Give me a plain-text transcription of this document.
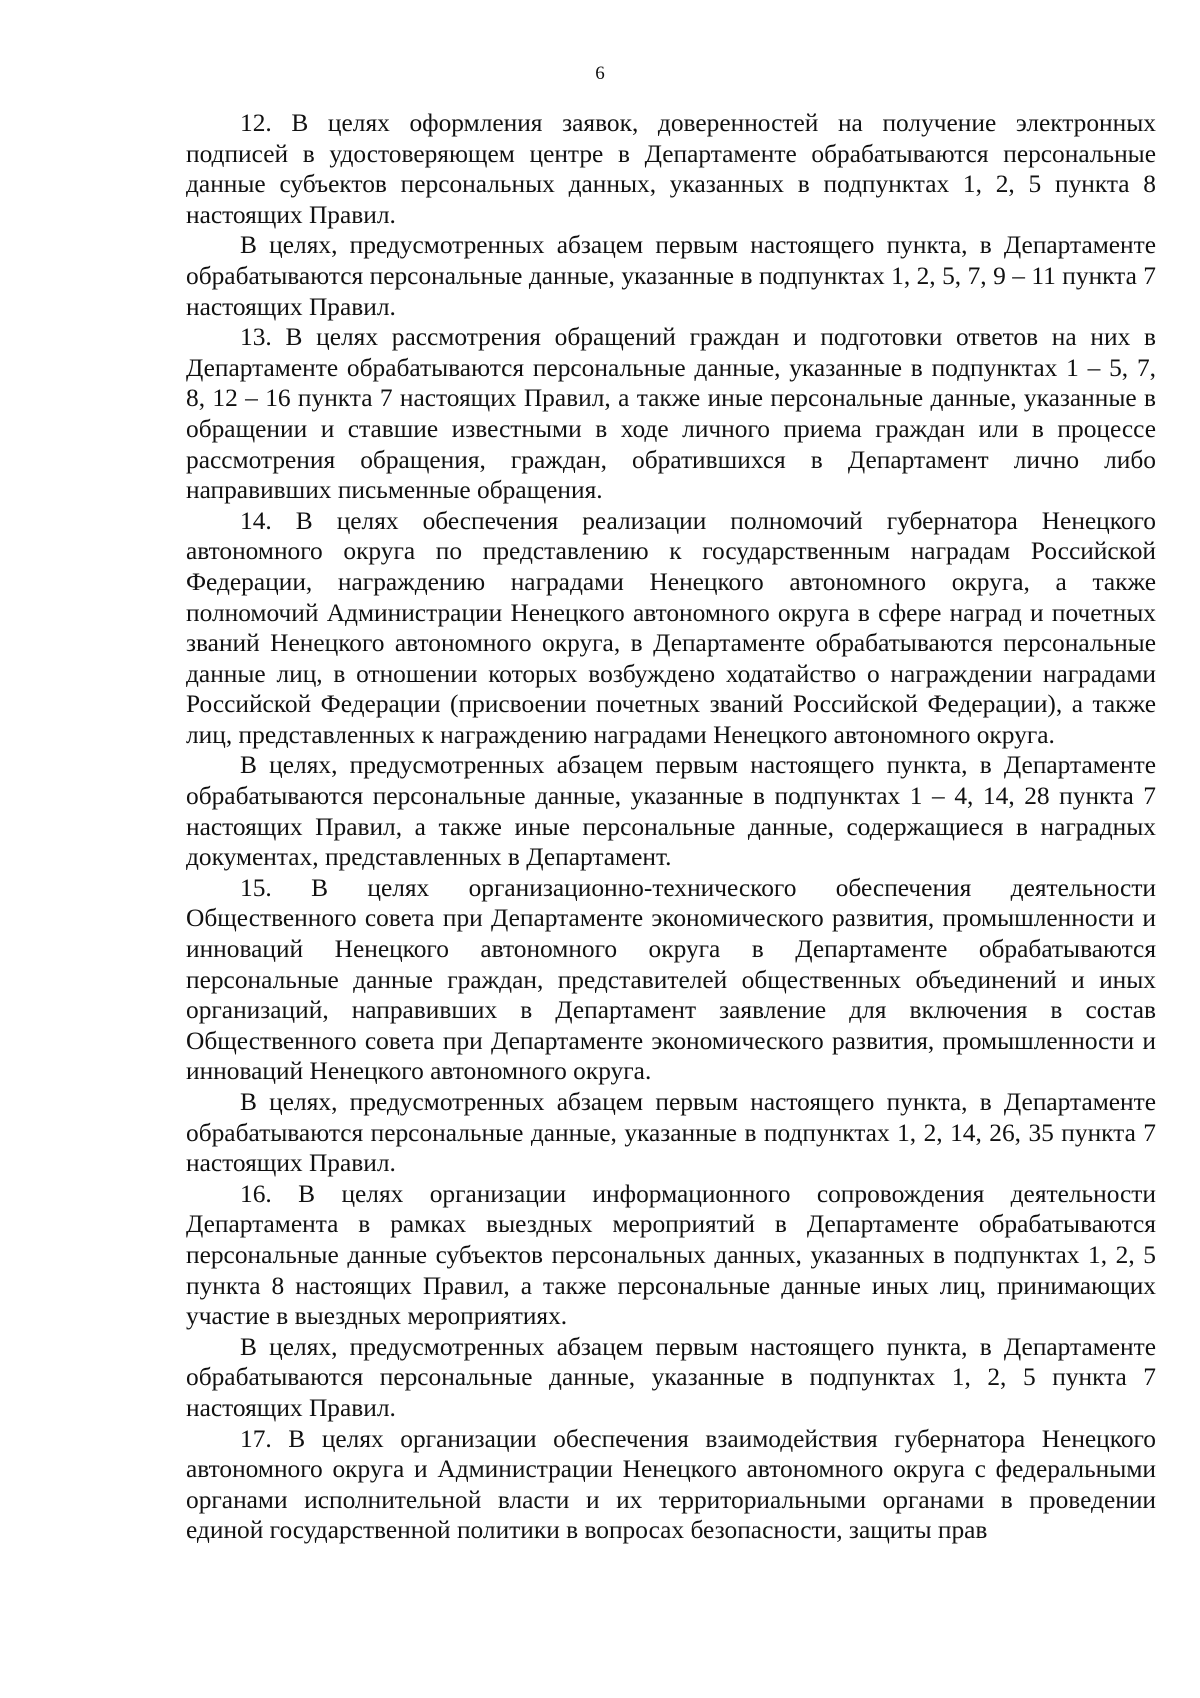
6

12. В целях оформления заявок, доверенностей на получение электронных подписей в удостоверяющем центре в Департаменте обрабатываются персональные данные субъектов персональных данных, указанных в подпунктах 1, 2, 5 пункта 8 настоящих Правил.

В целях, предусмотренных абзацем первым настоящего пункта, в Департаменте обрабатываются персональные данные, указанные в подпунктах 1, 2, 5, 7, 9 – 11 пункта 7 настоящих Правил.

13. В целях рассмотрения обращений граждан и подготовки ответов на них в Департаменте обрабатываются персональные данные, указанные в подпунктах 1 – 5, 7, 8, 12 – 16 пункта 7 настоящих Правил, а также иные персональные данные, указанные в обращении и ставшие известными в ходе личного приема граждан или в процессе рассмотрения обращения, граждан, обратившихся в Департамент лично либо направивших письменные обращения.

14. В целях обеспечения реализации полномочий губернатора Ненецкого автономного округа по представлению к государственным наградам Российской Федерации, награждению наградами Ненецкого автономного округа, а также полномочий Администрации Ненецкого автономного округа в сфере наград и почетных званий Ненецкого автономного округа, в Департаменте обрабатываются персональные данные лиц, в отношении которых возбуждено ходатайство о награждении наградами Российской Федерации (присвоении почетных званий Российской Федерации), а также лиц, представленных к награждению наградами Ненецкого автономного округа.

В целях, предусмотренных абзацем первым настоящего пункта, в Департаменте обрабатываются персональные данные, указанные в подпунктах 1 – 4, 14, 28 пункта 7 настоящих Правил, а также иные персональные данные, содержащиеся в наградных документах, представленных в Департамент.

15. В целях организационно-технического обеспечения деятельности Общественного совета при Департаменте экономического развития, промышленности и инноваций Ненецкого автономного округа в Департаменте обрабатываются персональные данные граждан, представителей общественных объединений и иных организаций, направивших в Департамент заявление для включения в состав Общественного совета при Департаменте экономического развития, промышленности и инноваций Ненецкого автономного округа.

В целях, предусмотренных абзацем первым настоящего пункта, в Департаменте обрабатываются персональные данные, указанные в подпунктах 1, 2, 14, 26, 35 пункта 7 настоящих Правил.

16. В целях организации информационного сопровождения деятельности Департамента в рамках выездных мероприятий в Департаменте обрабатываются персональные данные субъектов персональных данных, указанных в подпунктах 1, 2, 5 пункта 8 настоящих Правил, а также персональные данные иных лиц, принимающих участие в выездных мероприятиях.

В целях, предусмотренных абзацем первым настоящего пункта, в Департаменте обрабатываются персональные данные, указанные в подпунктах 1, 2, 5 пункта 7 настоящих Правил.

17. В целях организации обеспечения взаимодействия губернатора Ненецкого автономного округа и Администрации Ненецкого автономного округа с федеральными органами исполнительной власти и их территориальными органами в проведении единой государственной политики в вопросах безопасности, защиты прав
